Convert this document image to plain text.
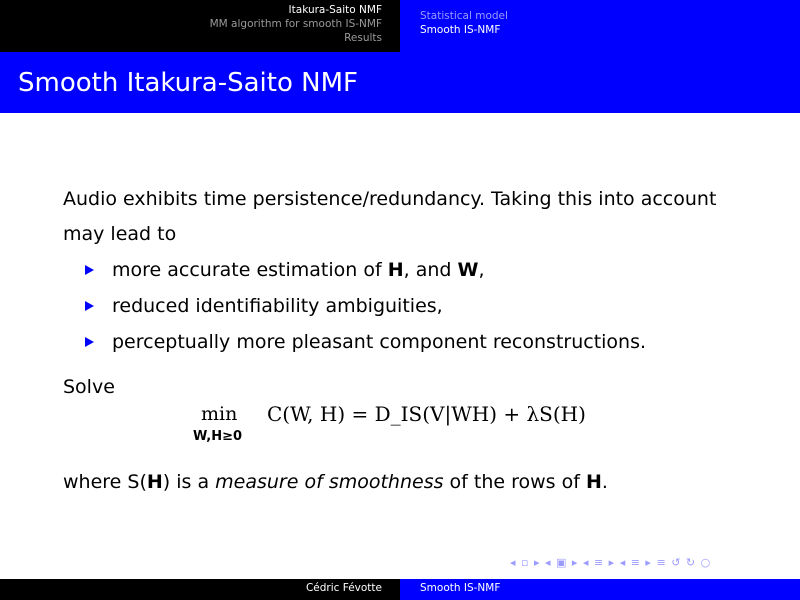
Itakura-Saito NMF
MM algorithm for smooth IS-NMF
Results
Statistical model
Smooth IS-NMF
Smooth Itakura-Saito NMF

Audio exhibits time persistence/redundancy. Taking this into account may lead to

more accurate estimation of H, and W,
reduced identifiability ambiguities,
perceptually more pleasant component reconstructions.
Solve
min
W,H≥0
C(W, H) = D_IS(V|WH) + λS(H)
where S(H) is a measure of smoothness of the rows of H.
◂ ▫ ▸ ◂ ▣ ▸ ◂ ≡ ▸ ◂ ≡ ▸ ≡ ↺ ↻ ○
Cédric Févotte	Smooth IS-NMF
